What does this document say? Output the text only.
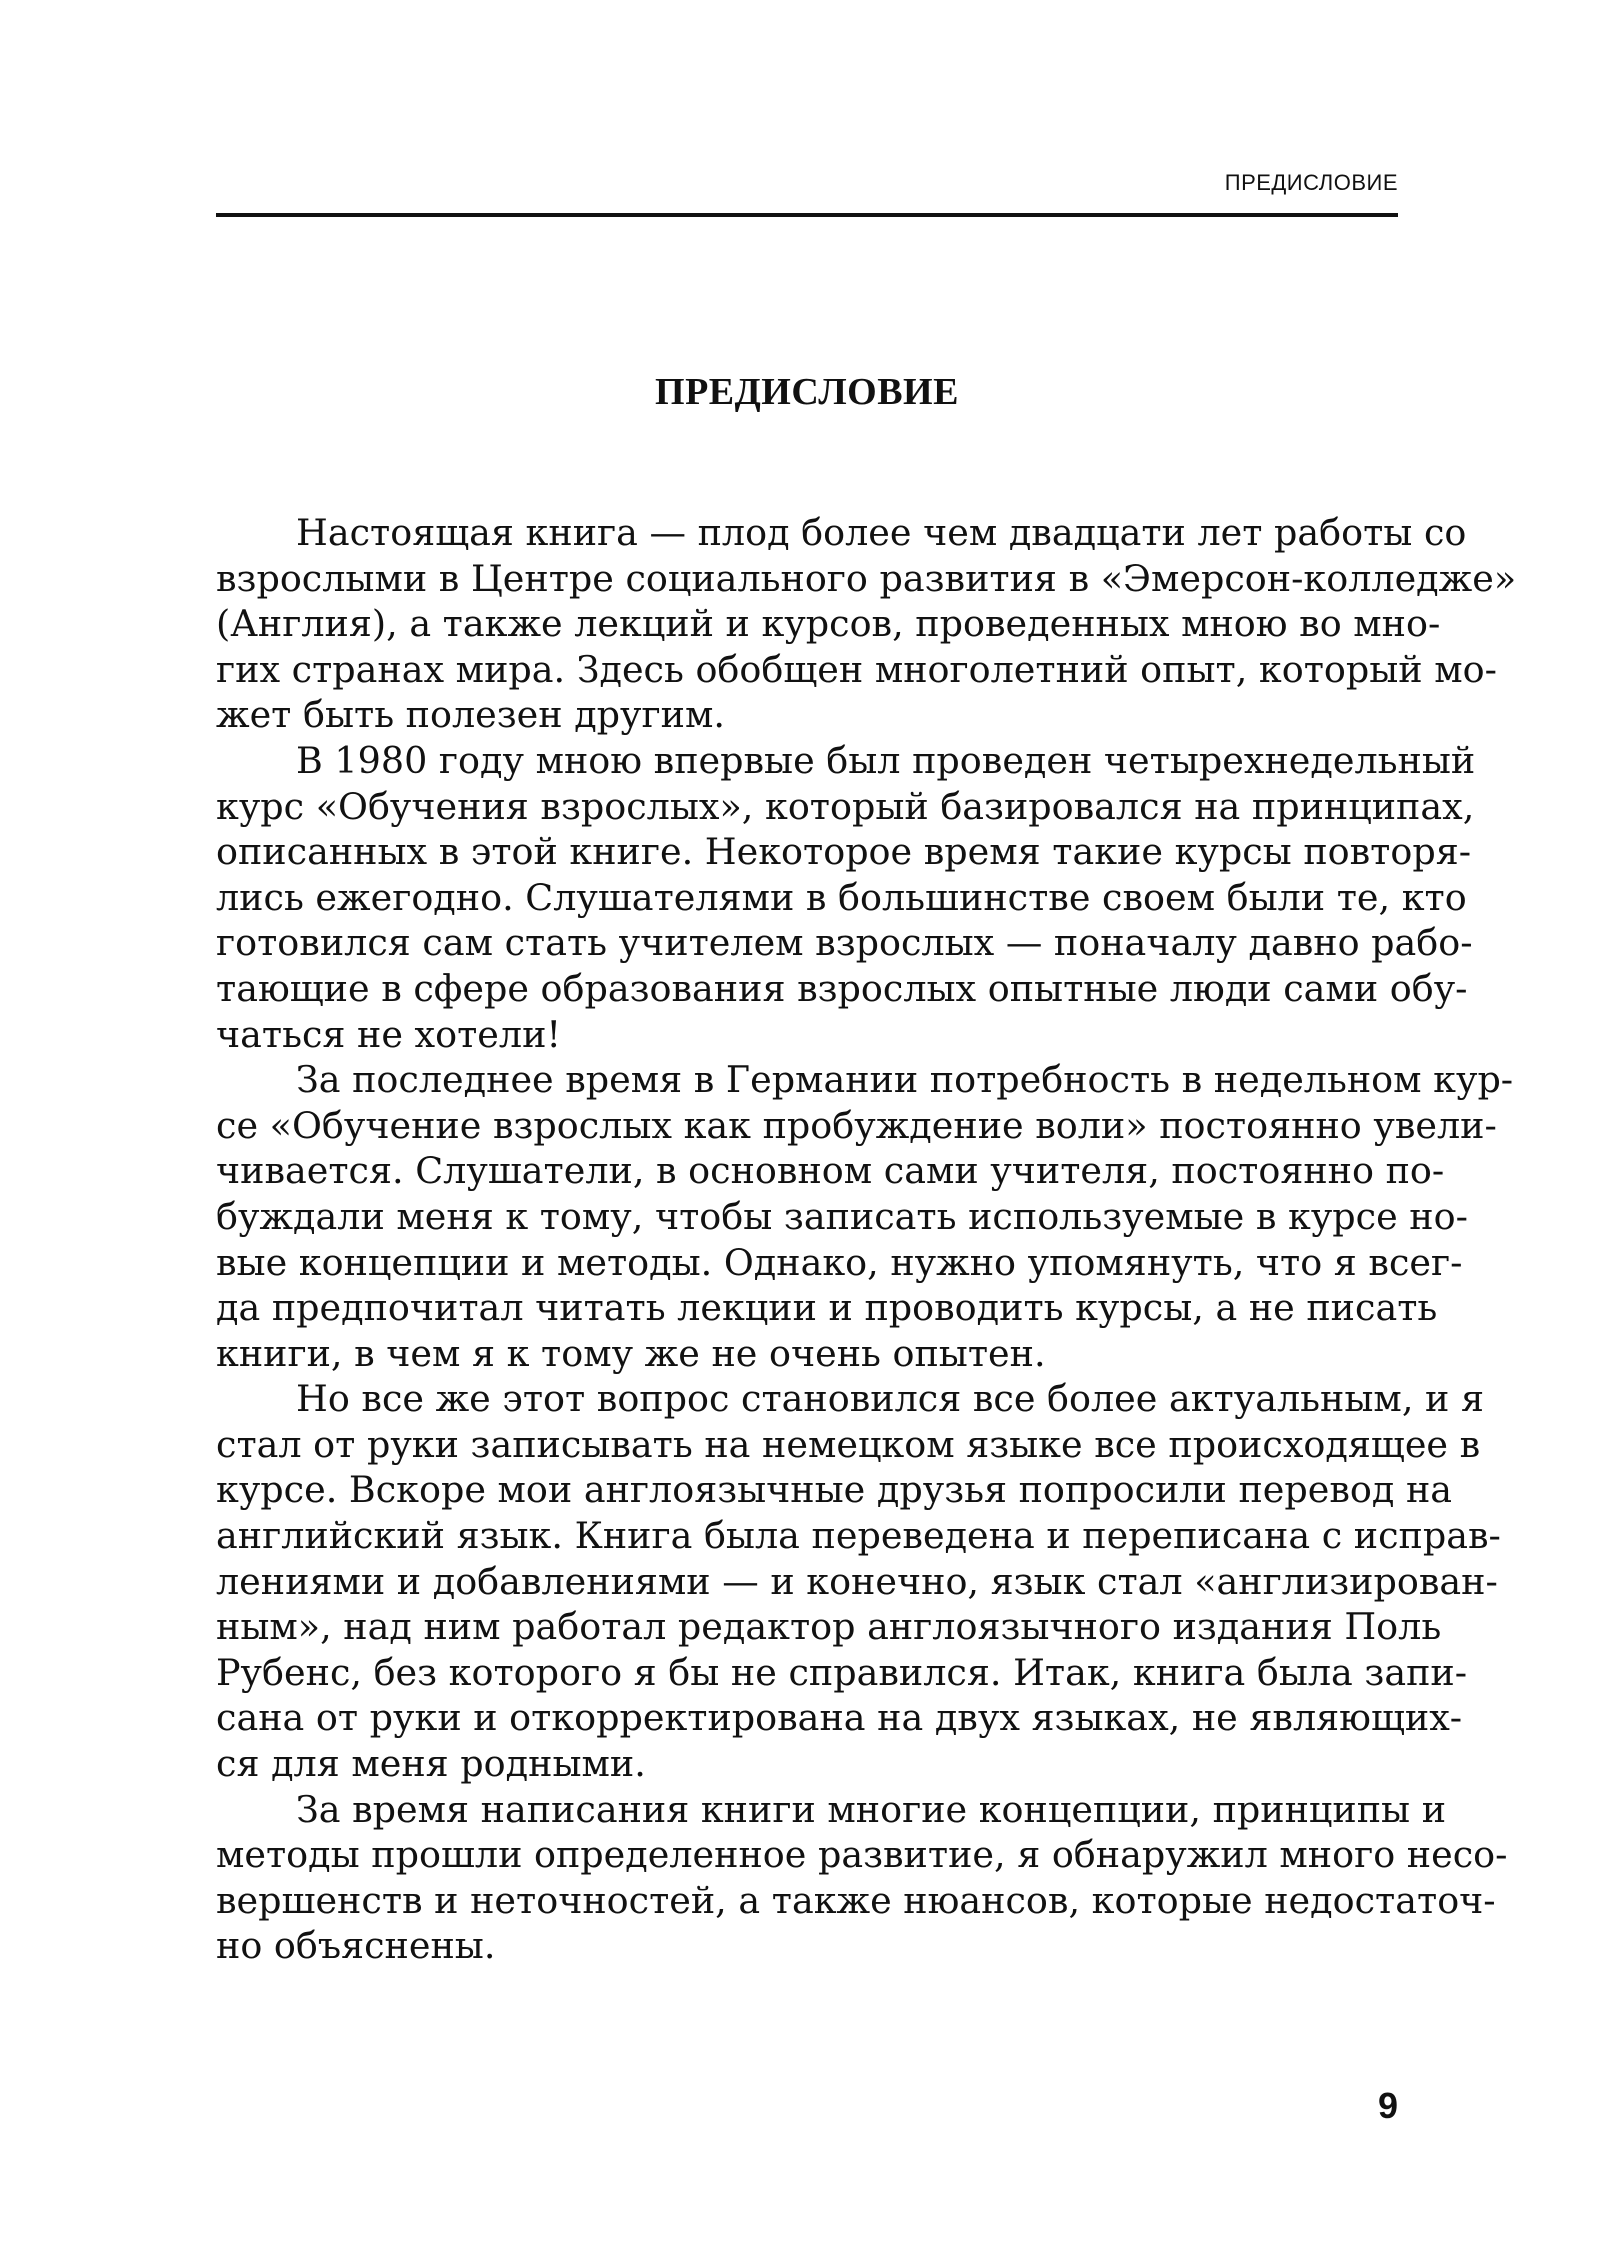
ПРЕДИСЛОВИЕ
ПРЕДИСЛОВИЕ

Настоящая книга — плод более чем двадцати лет работы со
взрослыми в Центре социального развития в «Эмерсон-колледже»
(Англия), а также лекций и курсов, проведенных мною во мно-
гих странах мира. Здесь обобщен многолетний опыт, который мо-
жет быть полезен другим.

В 1980 году мною впервые был проведен четырехнедельный
курс «Обучения взрослых», который базировался на принципах,
описанных в этой книге. Некоторое время такие курсы повторя-
лись ежегодно. Слушателями в большинстве своем были те, кто
готовился сам стать учителем взрослых — поначалу давно рабо-
тающие в сфере образования взрослых опытные люди сами обу-
чаться не хотели!

За последнее время в Германии потребность в недельном кур-
се «Обучение взрослых как пробуждение воли» постоянно увели-
чивается. Слушатели, в основном сами учителя, постоянно по-
буждали меня к тому, чтобы записать используемые в курсе но-
вые концепции и методы. Однако, нужно упомянуть, что я всег-
да предпочитал читать лекции и проводить курсы, а не писать
книги, в чем я к тому же не очень опытен.

Но все же этот вопрос становился все более актуальным, и я
стал от руки записывать на немецком языке все происходящее в
курсе. Вскоре мои англоязычные друзья попросили перевод на
английский язык. Книга была переведена и переписана с исправ-
лениями и добавлениями — и конечно, язык стал «англизирован-
ным», над ним работал редактор англоязычного издания Поль
Рубенс, без которого я бы не справился. Итак, книга была запи-
сана от руки и откорректирована на двух языках, не являющих-
ся для меня родными.

За время написания книги многие концепции, принципы и
методы прошли определенное развитие, я обнаружил много несо-
вершенств и неточностей, а также нюансов, которые недостаточ-
но объяснены.

9
